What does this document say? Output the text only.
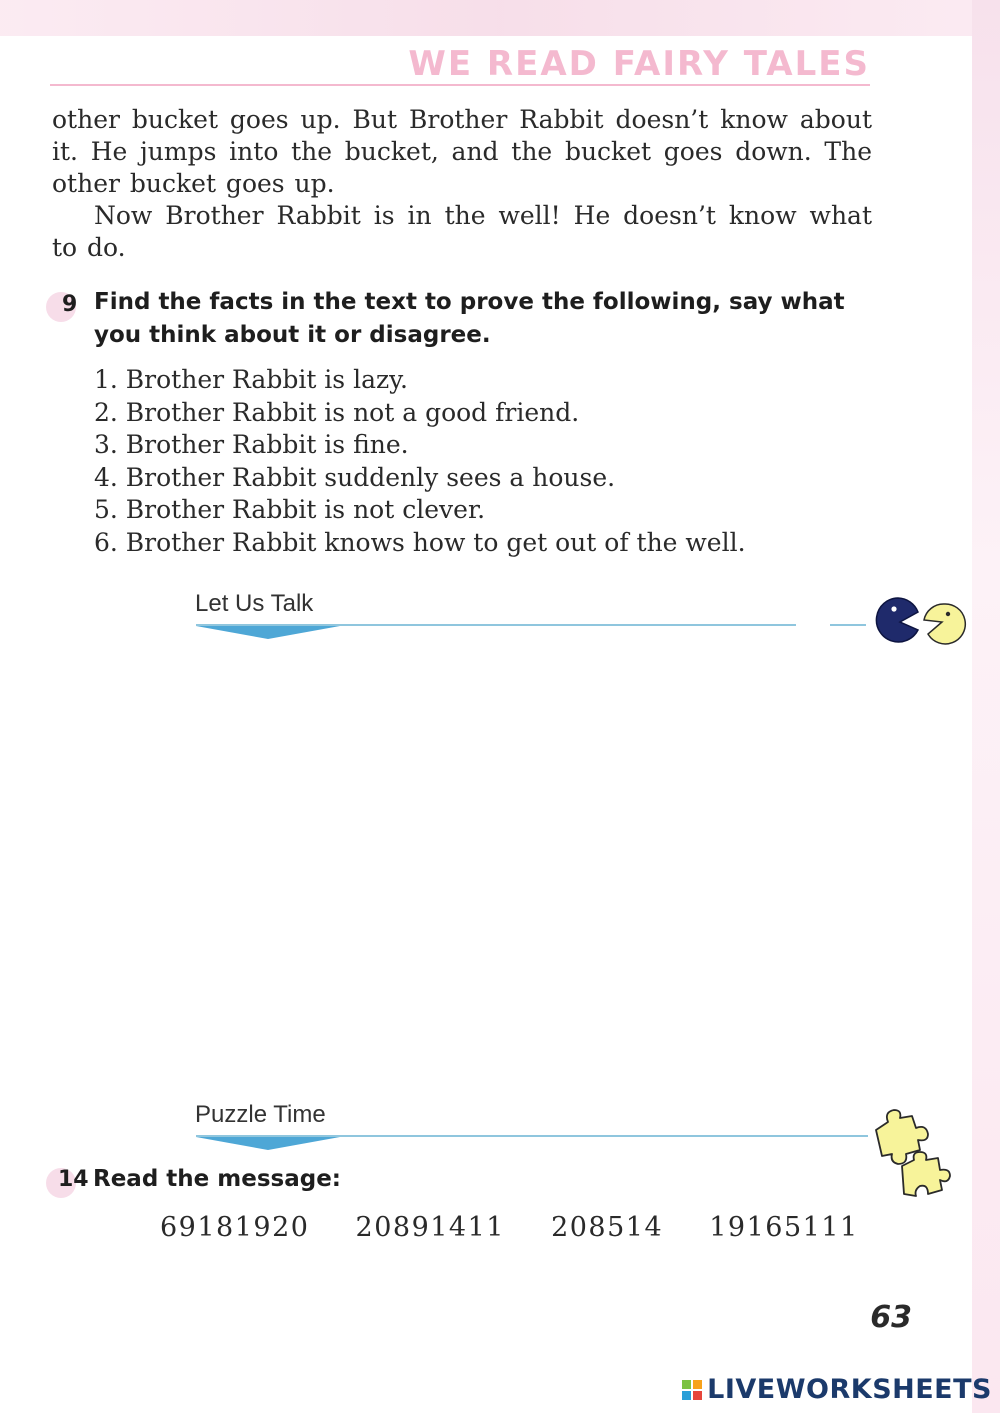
WE READ FAIRY TALES
other bucket goes up. But Brother Rabbit doesn’t know about it. He jumps into the bucket, and the bucket goes down. The other bucket goes up.
Now Brother Rabbit is in the well! He doesn’t know what to do.
9 Find the facts in the text to prove the following, say what you think about it or disagree.
1. Brother Rabbit is lazy.
2. Brother Rabbit is not a good friend.
3. Brother Rabbit is fine.
4. Brother Rabbit suddenly sees a house.
5. Brother Rabbit is not clever.
6. Brother Rabbit knows how to get out of the well.
Let Us Talk
Puzzle Time
14 Read the message:
69181920 20891411 208514 19165111
63
LIVEWORKSHEETS
